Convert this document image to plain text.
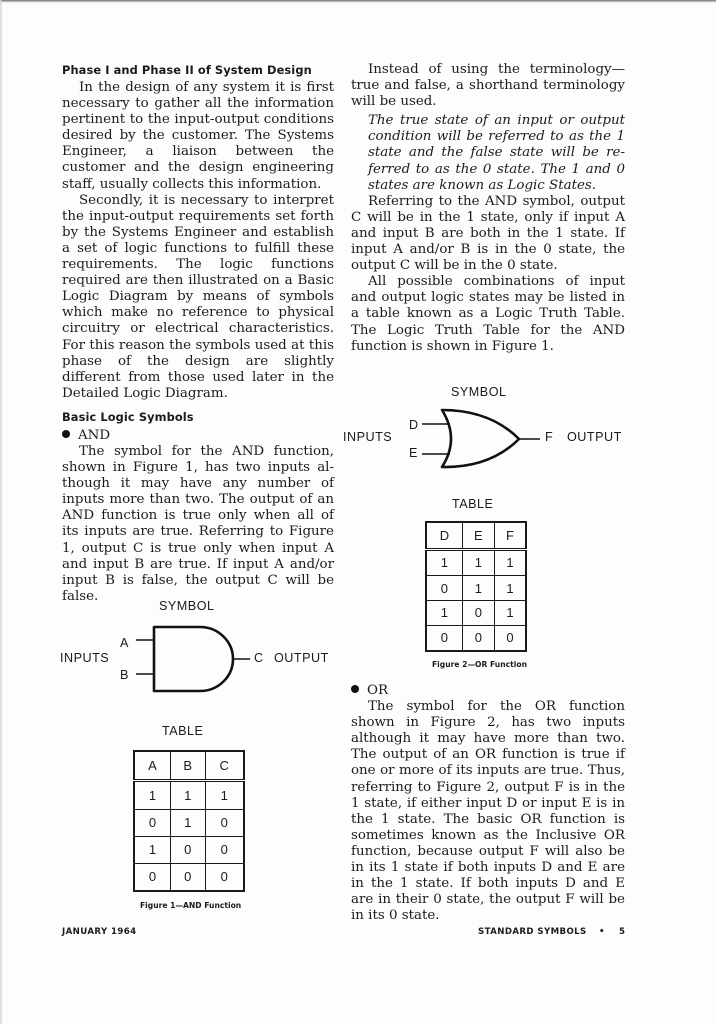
Phase I and Phase II of System Design

In the design of any system it is first necessary to gather all the information pertinent to the input-output conditions desired by the customer. The Systems Engineer, a liaison between the customer and the design engineering staff, usually collects this information.

Secondly, it is necessary to interpret the input-output requirements set forth by the Systems Engineer and establish a set of logic functions to fulfill these requirements. The logic functions required are then illustrated on a Basic Logic Diagram by means of symbols which make no reference to physical circuitry or electrical characteristics. For this reason the symbols used at this phase of the design are slightly different from those used later in the Detailed Logic Diagram.

Basic Logic Symbols
AND

The symbol for the AND function, shown in Figure 1, has two inputs although it may have any number of inputs more than two. The output of an AND function is true only when all of its inputs are true. Referring to Figure 1, output C is true only when input A and input B are true. If input A and/or input B is false, the output C will be false.

Instead of using the terminology—true and false, a shorthand terminology will be used.

The true state of an input or output condition will be referred to as the 1 state and the false state will be referred to as the 0 state. The 1 and 0 states are known as Logic States.

Referring to the AND symbol, output C will be in the 1 state, only if input A and input B are both in the 1 state. If input A and/or B is in the 0 state, the output C will be in the 0 state.

All possible combinations of input and output logic states may be listed in a table known as a Logic Truth Table. The Logic Truth Table for the AND function is shown in Figure 1.

OR

The symbol for the OR function shown in Figure 2, has two inputs although it may have more than two. The output of an OR function is true if one or more of its inputs are true. Thus, referring to Figure 2, output F is in the 1 state, if either input D or input E is in the 1 state. The basic OR function is sometimes known as the Inclusive OR function, because output F will also be in its 1 state if both inputs D and E are in the 1 state. If both inputs D and E are in their 0 state, the output F will be in its 0 state.

SYMBOL
INPUTS
A
B
C OUTPUT
TABLE
A	B	C
1	1	1
0	1	0
1	0	0
0	0	0
Figure 1—AND Function
SYMBOL
INPUTS
D
E
F OUTPUT
TABLE
D	E	F
1	1	1
0	1	1
1	0	1
0	0	0
Figure 2—OR Function
JANUARY 1964	STANDARD SYMBOLS • 5
